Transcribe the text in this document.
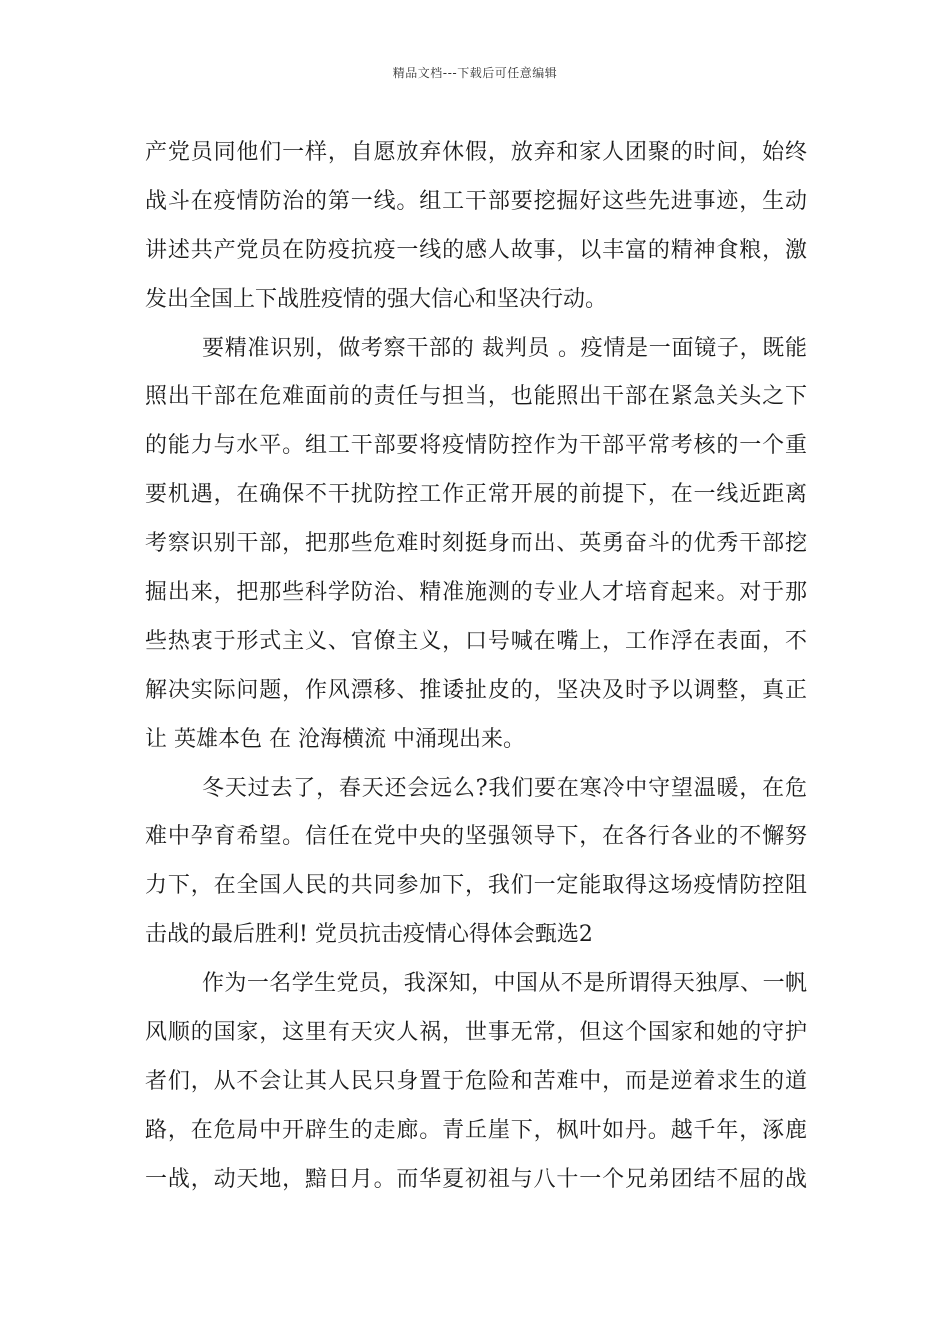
精品文档---下载后可任意编辑
产党员同他们一样，自愿放弃休假，放弃和家人团聚的时间，始终
战斗在疫情防治的第一线。组工干部要挖掘好这些先进事迹，生动
讲述共产党员在防疫抗疫一线的感人故事，以丰富的精神食粮，激
发出全国上下战胜疫情的强大信心和坚决行动。
要精准识别，做考察干部的 裁判员 。疫情是一面镜子，既能
照出干部在危难面前的责任与担当，也能照出干部在紧急关头之下
的能力与水平。组工干部要将疫情防控作为干部平常考核的一个重
要机遇，在确保不干扰防控工作正常开展的前提下，在一线近距离
考察识别干部，把那些危难时刻挺身而出、英勇奋斗的优秀干部挖
掘出来，把那些科学防治、精准施测的专业人才培育起来。对于那
些热衷于形式主义、官僚主义，口号喊在嘴上，工作浮在表面，不
解决实际问题，作风漂移、推诿扯皮的，坚决及时予以调整，真正
让 英雄本色 在 沧海横流 中涌现出来。
冬天过去了，春天还会远么?我们要在寒冷中守望温暖，在危
难中孕育希望。信任在党中央的坚强领导下，在各行各业的不懈努
力下，在全国人民的共同参加下，我们一定能取得这场疫情防控阻
击战的最后胜利! 党员抗击疫情心得体会甄选2
作为一名学生党员，我深知，中国从不是所谓得天独厚、一帆
风顺的国家，这里有天灾人祸，世事无常，但这个国家和她的守护
者们，从不会让其人民只身置于危险和苦难中，而是逆着求生的道
路，在危局中开辟生的走廊。青丘崖下，枫叶如丹。越千年，涿鹿
一战，动天地，黯日月。而华夏初祖与八十一个兄弟团结不屈的战
